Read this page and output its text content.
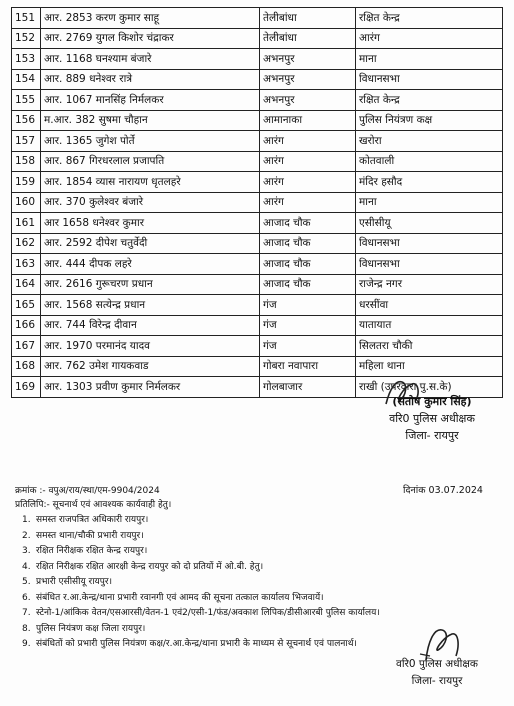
151	आर. 2853 करण कुमार साहू	तेलीबांधा	रक्षित केन्द्र
152	आर. 2769 युगल किशोर चंद्राकर	तेलीबांधा	आरंग
153	आर. 1168 घनश्याम बंजारे	अभनपुर	माना
154	आर. 889 धनेश्वर रात्रे	अभनपुर	विधानसभा
155	आर. 1067 मानसिंह निर्मलकर	अभनपुर	रक्षित केन्द्र
156	म.आर. 382 सुषमा चौहान	आमानाका	पुलिस नियंत्रण कक्ष
157	आर. 1365 जुगेश पोर्ते	आरंग	खरोरा
158	आर. 867 गिरधरलाल प्रजापति	आरंग	कोतवाली
159	आर. 1854 व्यास नारायण धृतलहरे	आरंग	मंदिर हसौद
160	आर. 370 कुलेश्वर बंजारे	आरंग	माना
161	आर 1658 धनेश्वर कुमार	आजाद चौक	एसीसीयू
162	आर. 2592 दीपेश चतुर्वेदी	आजाद चौक	विधानसभा
163	आर. 444 दीपक लहरे	आजाद चौक	विधानसभा
164	आर. 2616 गुरूचरण प्रधान	आजाद चौक	राजेन्द्र नगर
165	आर. 1568 सत्येन्द्र प्रधान	गंज	धरसींवा
166	आर. 744 विरेन्द्र दीवान	गंज	यातायात
167	आर. 1970 परमानंद यादव	गंज	सिलतरा चौकी
168	आर. 762 उमेश गायकवाड	गोबरा नवापारा	महिला थाना
169	आर. 1303 प्रवीण कुमार निर्मलकर	गोलबाजार	राखी (उपरवारा पु.स.के)
(संतोष कुमार सिंह)
वरि0 पुलिस अधीक्षक
जिला- रायपुर
क्रमांक :- वपुअ/राय/स्था/एम-9904/2024
प्रतिलिपि:- सूचनार्थ एवं आवश्यक कार्यवाही हेतु।
दिनांक 03.07.2024
1. समस्त राजपत्रित अधिकारी रायपुर।
2. समस्त थाना/चौकी प्रभारी रायपुर।
3. रक्षित निरीक्षक रक्षित केन्द्र रायपुर।
4. रक्षित निरीक्षक रक्षित आरक्षी केन्द्र रायपुर को दो प्रतियों में ओ.बी. हेतु।
5. प्रभारी एसीसीयू रायपुर।
6. संबंधित र.आ.केन्द्र/थाना प्रभारी रवानगी एवं आमद की सूचना तत्काल कार्यालय भिजवायें।
7. स्टेनो-1/आंकिक वेतन/एसआरसी/वेतन-1 एवं2/एसी-1/फंड/अवकाश लिपिक/डीसीआरबी पुलिस कार्यालय।
8. पुलिस नियंत्रण कक्ष जिला रायपुर।
9. संबंधितों को प्रभारी पुलिस नियंत्रण कक्ष/र.आ.केन्द्र/थाना प्रभारी के माध्यम से सूचनार्थ एवं पालनार्थ।
वरि0 पुलिस अधीक्षक
जिला- रायपुर
